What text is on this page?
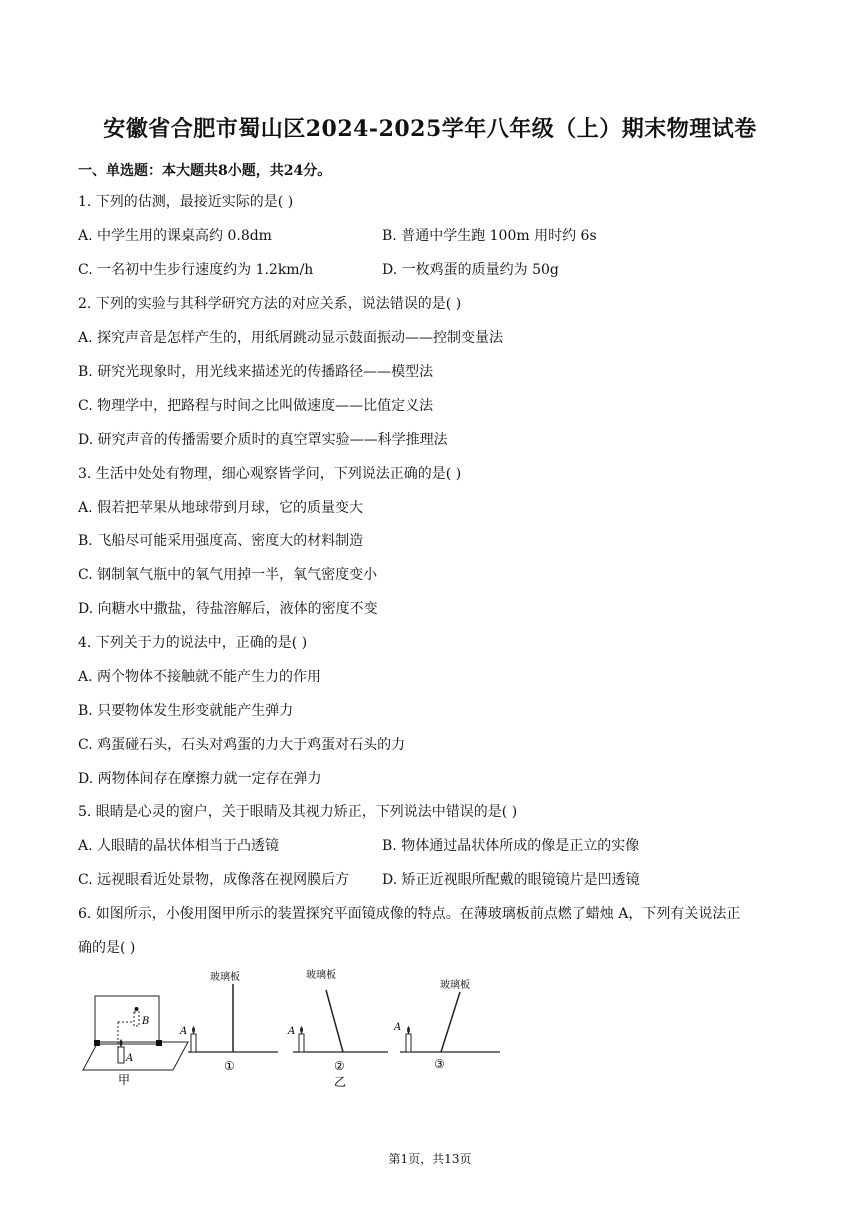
安徽省合肥市蜀山区2024-2025学年八年级（上）期末物理试卷
一、单选题：本大题共8小题，共24分。
1. 下列的估测，最接近实际的是( )
A. 中学生用的课桌高约 0.8dm	B. 普通中学生跑 100m 用时约 6s
C. 一名初中生步行速度约为 1.2km/h	D. 一枚鸡蛋的质量约为 50g
2. 下列的实验与其科学研究方法的对应关系，说法错误的是( )
A. 探究声音是怎样产生的，用纸屑跳动显示鼓面振动——控制变量法
B. 研究光现象时，用光线来描述光的传播路径——模型法
C. 物理学中，把路程与时间之比叫做速度——比值定义法
D. 研究声音的传播需要介质时的真空罩实验——科学推理法
3. 生活中处处有物理，细心观察皆学问，下列说法正确的是( )
A. 假若把苹果从地球带到月球，它的质量变大
B. 飞船尽可能采用强度高、密度大的材料制造
C. 钢制氧气瓶中的氧气用掉一半，氧气密度变小
D. 向糖水中撒盐，待盐溶解后，液体的密度不变
4. 下列关于力的说法中，正确的是( )
A. 两个物体不接触就不能产生力的作用
B. 只要物体发生形变就能产生弹力
C. 鸡蛋碰石头，石头对鸡蛋的力大于鸡蛋对石头的力
D. 两物体间存在摩擦力就一定存在弹力
5. 眼睛是心灵的窗户，关于眼睛及其视力矫正，下列说法中错误的是( )
A. 人眼睛的晶状体相当于凸透镜	B. 物体通过晶状体所成的像是正立的实像
C. 远视眼看近处景物，成像落在视网膜后方 D. 矫正近视眼所配戴的眼镜镜片是凹透镜
6. 如图所示，小俊用图甲所示的装置探究平面镜成像的特点。在薄玻璃板前点燃了蜡烛 A，下列有关说法正
确的是( )
B
A
甲
玻璃板
A
①
玻璃板
A
②
乙
玻璃板
A
③
第1页，共13页
